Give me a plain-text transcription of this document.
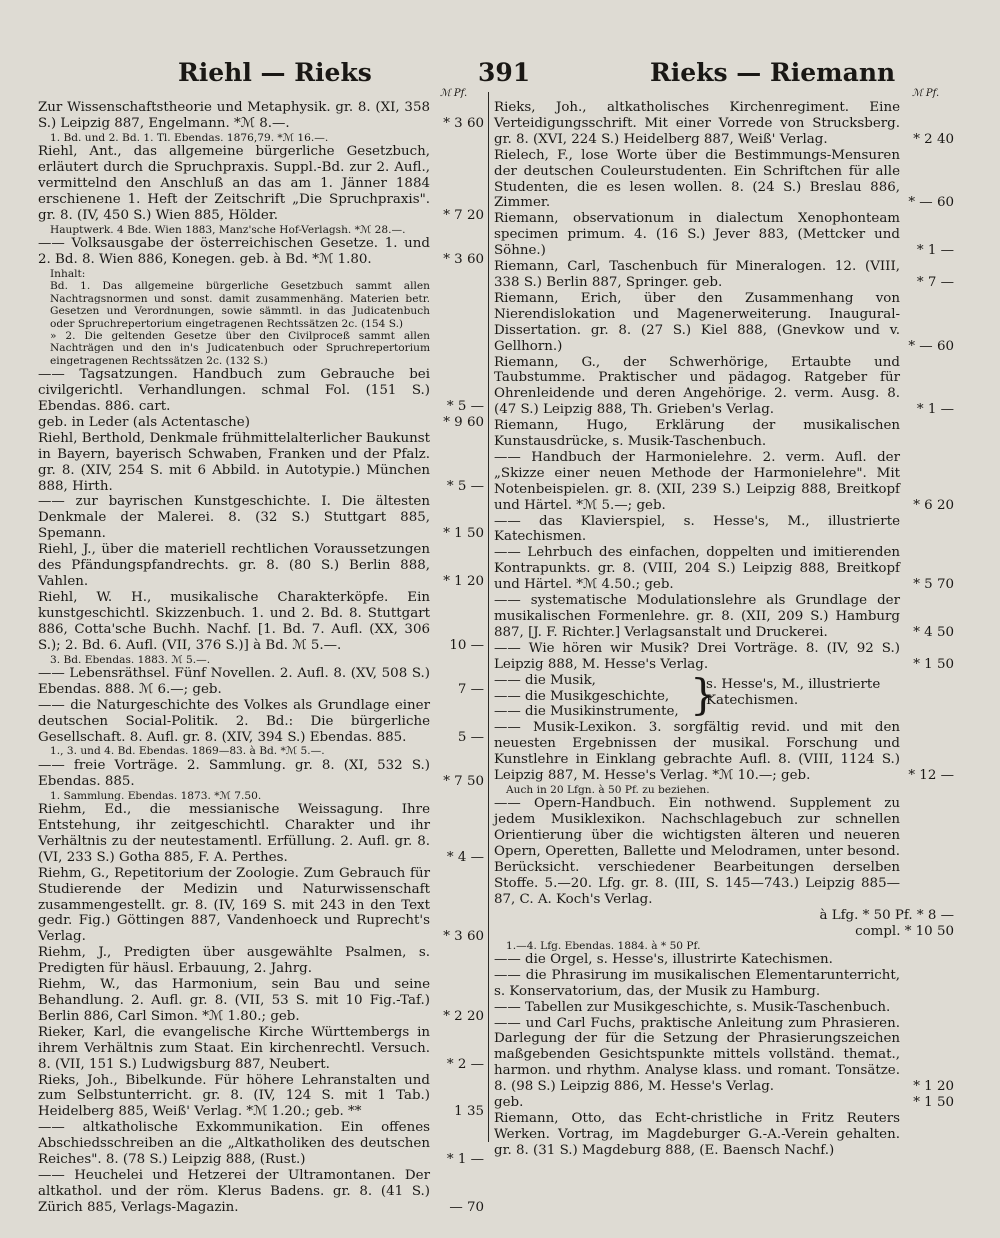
Riehl — Rieks	391	Rieks — Riemann
ℳ Pf.	ℳ Pf.
Zur Wissenschaftstheorie und Metaphysik. gr. 8. (XI, 358 S.) Leipzig 887, Engelmann. *ℳ 8.—.	* 3 60
1. Bd. und 2. Bd. 1. Tl. Ebendas. 1876,79. *ℳ 16.—.
Riehl, Ant., das allgemeine bürgerliche Gesetzbuch, erläutert durch die Spruchpraxis. Suppl.-Bd. zur 2. Aufl., vermittelnd den Anschluß an das am 1. Jänner 1884 erschienene 1. Heft der Zeitschrift „Die Spruchpraxis". gr. 8. (IV, 450 S.) Wien 885, Hölder.	* 7 20
Hauptwerk. 4 Bde. Wien 1883, Manz'sche Hof-Verlagsh. *ℳ 28.—.
—— Volksausgabe der österreichischen Gesetze. 1. und 2. Bd. 8. Wien 886, Konegen. geb. à Bd. *ℳ 1.80.	* 3 60
Inhalt:
Bd. 1. Das allgemeine bürgerliche Gesetzbuch sammt allen Nachtragsnormen und sonst. damit zusammenhäng. Materien betr. Gesetzen und Verordnungen, sowie sämmtl. in das Judicatenbuch oder Spruchrepertorium eingetragenen Rechtssätzen 2c. (154 S.)
» 2. Die geltenden Gesetze über den Civilproceß sammt allen Nachträgen und den in's Judicatenbuch oder Spruchrepertorium eingetragenen Rechtssätzen 2c. (132 S.)
—— Tagsatzungen. Handbuch zum Gebrauche bei civilgerichtl. Verhandlungen. schmal Fol. (151 S.) Ebendas. 886. cart.	* 5 —
geb. in Leder (als Actentasche)	* 9 60
Riehl, Berthold, Denkmale frühmittelalterlicher Baukunst in Bayern, bayerisch Schwaben, Franken und der Pfalz. gr. 8. (XIV, 254 S. mit 6 Abbild. in Autotypie.) München 888, Hirth.	* 5 —
—— zur bayrischen Kunstgeschichte. I. Die ältesten Denkmale der Malerei. 8. (32 S.) Stuttgart 885, Spemann.	* 1 50
Riehl, J., über die materiell rechtlichen Voraussetzungen des Pfändungspfandrechts. gr. 8. (80 S.) Berlin 888, Vahlen.	* 1 20
Riehl, W. H., musikalische Charakterköpfe. Ein kunstgeschichtl. Skizzenbuch. 1. und 2. Bd. 8. Stuttgart 886, Cotta'sche Buchh. Nachf. [1. Bd. 7. Aufl. (XX, 306 S.); 2. Bd. 6. Aufl. (VII, 376 S.)] à Bd. ℳ 5.—.	10 —
3. Bd. Ebendas. 1883. ℳ 5.—.
—— Lebensräthsel. Fünf Novellen. 2. Aufl. 8. (XV, 508 S.) Ebendas. 888. ℳ 6.—; geb.	7 —
—— die Naturgeschichte des Volkes als Grundlage einer deutschen Social-Politik. 2. Bd.: Die bürgerliche Gesellschaft. 8. Aufl. gr. 8. (XIV, 394 S.) Ebendas. 885.	5 —
1., 3. und 4. Bd. Ebendas. 1869—83. à Bd. *ℳ 5.—.
—— freie Vorträge. 2. Sammlung. gr. 8. (XI, 532 S.) Ebendas. 885.	* 7 50
1. Sammlung. Ebendas. 1873. *ℳ 7.50.
Riehm, Ed., die messianische Weissagung. Ihre Entstehung, ihr zeitgeschichtl. Charakter und ihr Verhältnis zu der neutestamentl. Erfüllung. 2. Aufl. gr. 8. (VI, 233 S.) Gotha 885, F. A. Perthes.	* 4 —
Riehm, G., Repetitorium der Zoologie. Zum Gebrauch für Studierende der Medizin und Naturwissenschaft zusammengestellt. gr. 8. (IV, 169 S. mit 243 in den Text gedr. Fig.) Göttingen 887, Vandenhoeck und Ruprecht's Verlag.	* 3 60
Riehm, J., Predigten über ausgewählte Psalmen, s. Predigten für häusl. Erbauung, 2. Jahrg.
Riehm, W., das Harmonium, sein Bau und seine Behandlung. 2. Aufl. gr. 8. (VII, 53 S. mit 10 Fig.-Taf.) Berlin 886, Carl Simon. *ℳ 1.80.; geb.	* 2 20
Rieker, Karl, die evangelische Kirche Württembergs in ihrem Verhältnis zum Staat. Ein kirchenrechtl. Versuch. 8. (VII, 151 S.) Ludwigsburg 887, Neubert.	* 2 —
Rieks, Joh., Bibelkunde. Für höhere Lehranstalten und zum Selbstunterricht. gr. 8. (IV, 124 S. mit 1 Tab.) Heidelberg 885, Weiß' Verlag. *ℳ 1.20.; geb. **	1 35
—— altkatholische Exkommunikation. Ein offenes Abschiedsschreiben an die „Altkatholiken des deutschen Reiches". 8. (78 S.) Leipzig 888, (Rust.)	* 1 —
—— Heuchelei und Hetzerei der Ultramontanen. Der altkathol. und der röm. Klerus Badens. gr. 8. (41 S.) Zürich 885, Verlags-Magazin.	— 70
Rieks, Joh., altkatholisches Kirchenregiment. Eine Verteidigungsschrift. Mit einer Vorrede von Strucksberg. gr. 8. (XVI, 224 S.) Heidelberg 887, Weiß' Verlag.	* 2 40
Rielech, F., lose Worte über die Bestimmungs-Mensuren der deutschen Couleurstudenten. Ein Schriftchen für alle Studenten, die es lesen wollen. 8. (24 S.) Breslau 886, Zimmer.	* — 60
Riemann, observationum in dialectum Xenophonteam specimen primum. 4. (16 S.) Jever 883, (Mettcker und Söhne.)	* 1 —
Riemann, Carl, Taschenbuch für Mineralogen. 12. (VIII, 338 S.) Berlin 887, Springer. geb.	* 7 —
Riemann, Erich, über den Zusammenhang von Nierendislokation und Magenerweiterung. Inaugural-Dissertation. gr. 8. (27 S.) Kiel 888, (Gnevkow und v. Gellhorn.)	* — 60
Riemann, G., der Schwerhörige, Ertaubte und Taubstumme. Praktischer und pädagog. Ratgeber für Ohrenleidende und deren Angehörige. 2. verm. Ausg. 8. (47 S.) Leipzig 888, Th. Grieben's Verlag.	* 1 —
Riemann, Hugo, Erklärung der musikalischen Kunstausdrücke, s. Musik-Taschenbuch.
—— Handbuch der Harmonielehre. 2. verm. Aufl. der „Skizze einer neuen Methode der Harmonielehre". Mit Notenbeispielen. gr. 8. (XII, 239 S.) Leipzig 888, Breitkopf und Härtel. *ℳ 5.—; geb.	* 6 20
—— das Klavierspiel, s. Hesse's, M., illustrierte Katechismen.
—— Lehrbuch des einfachen, doppelten und imitierenden Kontrapunkts. gr. 8. (VIII, 204 S.) Leipzig 888, Breitkopf und Härtel. *ℳ 4.50.; geb.	* 5 70
—— systematische Modulationslehre als Grundlage der musikalischen Formenlehre. gr. 8. (XII, 209 S.) Hamburg 887, [J. F. Richter.] Verlagsanstalt und Druckerei.	* 4 50
—— Wie hören wir Musik? Drei Vorträge. 8. (IV, 92 S.) Leipzig 888, M. Hesse's Verlag.	* 1 50
—— die Musik,
—— die Musikgeschichte,
—— die Musikinstrumente, }
s. Hesse's, M., illustrierte Katechismen.
—— Musik-Lexikon. 3. sorgfältig revid. und mit den neuesten Ergebnissen der musikal. Forschung und Kunstlehre in Einklang gebrachte Aufl. 8. (VIII, 1124 S.) Leipzig 887, M. Hesse's Verlag. *ℳ 10.—; geb.	* 12 —
Auch in 20 Lfgn. à 50 Pf. zu beziehen.
—— Opern-Handbuch. Ein nothwend. Supplement zu jedem Musiklexikon. Nachschlagebuch zur schnellen Orientierung über die wichtigsten älteren und neueren Opern, Operetten, Ballette und Melodramen, unter besond. Berücksicht. verschiedener Bearbeitungen derselben Stoffe. 5.—20. Lfg. gr. 8. (III, S. 145—743.) Leipzig 885—87, C. A. Koch's Verlag.
à Lfg. * 50 Pf. * 8 —
compl. * 10 50
1.—4. Lfg. Ebendas. 1884. à * 50 Pf.
—— die Orgel, s. Hesse's, illustrirte Katechismen.
—— die Phrasirung im musikalischen Elementarunterricht, s. Konservatorium, das, der Musik zu Hamburg.
—— Tabellen zur Musikgeschichte, s. Musik-Taschenbuch.
—— und Carl Fuchs, praktische Anleitung zum Phrasieren. Darlegung der für die Setzung der Phrasierungszeichen maßgebenden Gesichtspunkte mittels vollständ. themat., harmon. und rhythm. Analyse klass. und romant. Tonsätze. 8. (98 S.) Leipzig 886, M. Hesse's Verlag.	* 1 20
geb.	* 1 50
Riemann, Otto, das Echt-christliche in Fritz Reuters Werken. Vortrag, im Magdeburger G.-A.-Verein gehalten. gr. 8. (31 S.) Magdeburg 888, (E. Baensch Nachf.)
